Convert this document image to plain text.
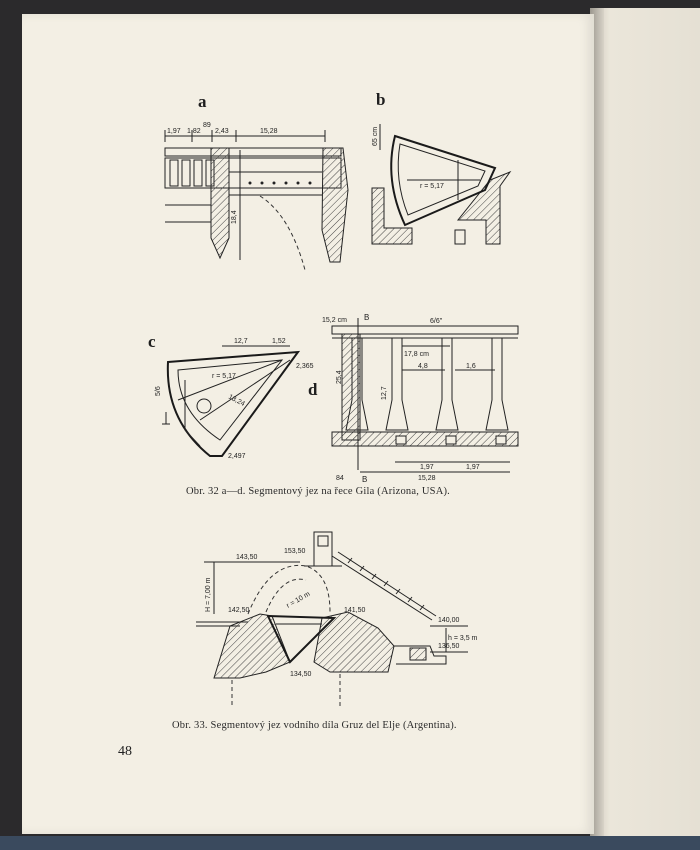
a	b
c
d
1,97 1,82
89
2,43	15,28
18,4
65 cm
r = 5,17
12,7	1,52
r = 5,17
2,365
2,497
13,24
5/6
15,2 cm B	6/6"
17,8 cm
4,8	1,6
25,4
12,7
1,97	1,97
15,28
84 B
143,50
153,50
H = 7,00 m	r = 10 m
142,50	141,50
140,00
134,50
136,50
h = 3,5 m
Obr. 32 a—d. Segmentový jez na řece Gila (Arizona, USA).
Obr. 33. Segmentový jez vodního díla Gruz del Elje (Argentina).
48
